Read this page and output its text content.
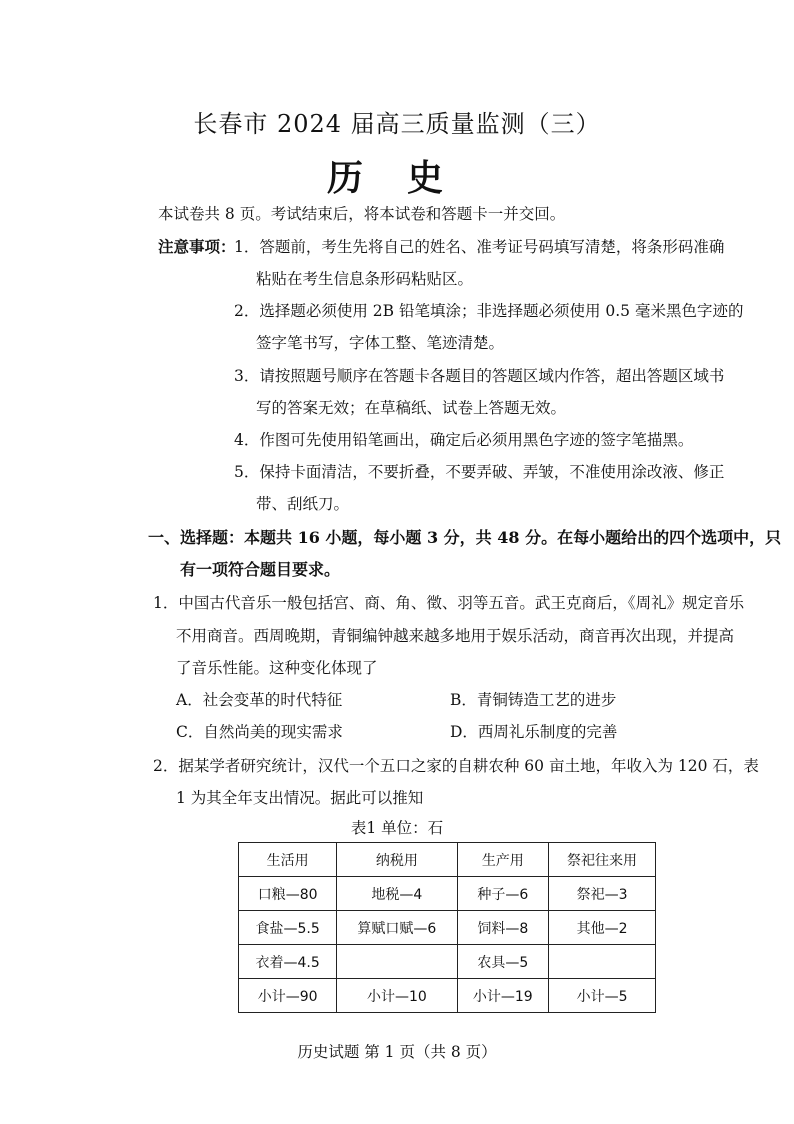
长春市 2024 届高三质量监测（三）
历史
本试卷共 8 页。考试结束后，将本试卷和答题卡一并交回。
注意事项：
1．答题前，考生先将自己的姓名、准考证号码填写清楚，将条形码准确
粘贴在考生信息条形码粘贴区。
2．选择题必须使用 2B 铅笔填涂；非选择题必须使用 0.5 毫米黑色字迹的
签字笔书写，字体工整、笔迹清楚。
3．请按照题号顺序在答题卡各题目的答题区域内作答，超出答题区域书
写的答案无效；在草稿纸、试卷上答题无效。
4．作图可先使用铅笔画出，确定后必须用黑色字迹的签字笔描黑。
5．保持卡面清洁，不要折叠，不要弄破、弄皱，不准使用涂改液、修正
带、刮纸刀。
一、选择题：本题共 16 小题，每小题 3 分，共 48 分。在每小题给出的四个选项中，只
有一项符合题目要求。
1．中国古代音乐一般包括宫、商、角、徵、羽等五音。武王克商后，《周礼》规定音乐
不用商音。西周晚期，青铜编钟越来越多地用于娱乐活动，商音再次出现，并提高
了音乐性能。这种变化体现了
A．社会变革的时代特征	B．青铜铸造工艺的进步
C．自然尚美的现实需求	D．西周礼乐制度的完善
2．据某学者研究统计，汉代一个五口之家的自耕农种 60 亩土地，年收入为 120 石，表
1 为其全年支出情况。据此可以推知
表1 单位：石
生活用	纳税用	生产用	祭祀往来用
口粮—80	地税—4	种子—6	祭祀—3
食盐—5.5	算赋口赋—6	饲料—8	其他—2
衣着—4.5		农具—5	
小计—90	小计—10	小计—19	小计—5
历史试题 第 1 页（共 8 页）
